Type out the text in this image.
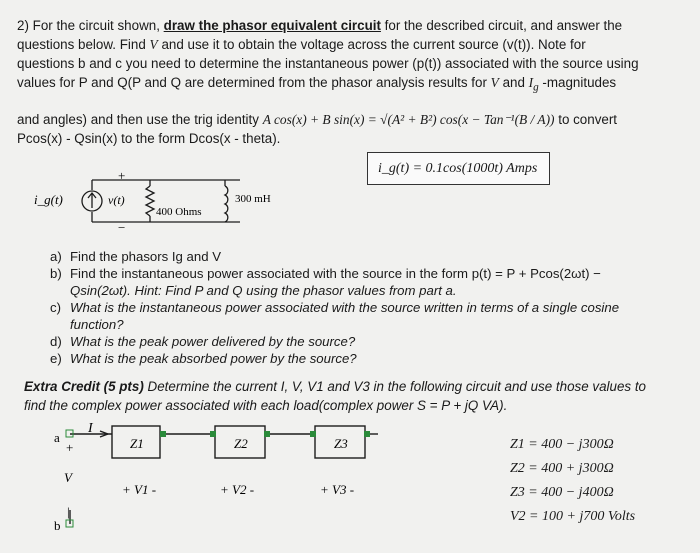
2) For the circuit shown, draw the phasor equivalent circuit for the described circuit, and answer the

questions below. Find V and use it to obtain the voltage across the current source (v(t)). Note for

questions b and c you need to determine the instantaneous power (p(t)) associated with the source using

values for P and Q(P and Q are determined from the phasor analysis results for V and $I_g$ -magnitudes

and angles) and then use the trig identity A cos(x) + B sin(x) = √(A² + B²) cos(x − Tan⁻¹(B / A)) to convert

Pcos(x) - Qsin(x) to the form Dcos(x - theta).

i_g(t) = 0.1cos(1000t) Amps
i_g(t)	v(t)
+
−
400 Ohms
300 mH
a) Find the phasors Ig and V
b) Find the instantaneous power associated with the source in the form p(t) = P + Pcos(2ωt) −
Qsin(2ωt). Hint: Find P and Q using the phasor values from part a.
c) What is the instantaneous power associated with the source written in terms of a single cosine
function?
d) What is the peak power delivered by the source?
e) What is the peak absorbed power by the source?

Extra Credit (5 pts) Determine the current I, V, V1 and V3 in the following circuit and use those values to

find the complex power associated with each load(complex power S = P + jQ VA).

I
a
b
+
V
|
Z1	Z2	Z3
+ V1 -	+ V2 -	+ V3 -
Z1 = 400 − j300Ω
Z2 = 400 + j300Ω
Z3 = 400 − j400Ω
V2 = 100 + j700 Volts
